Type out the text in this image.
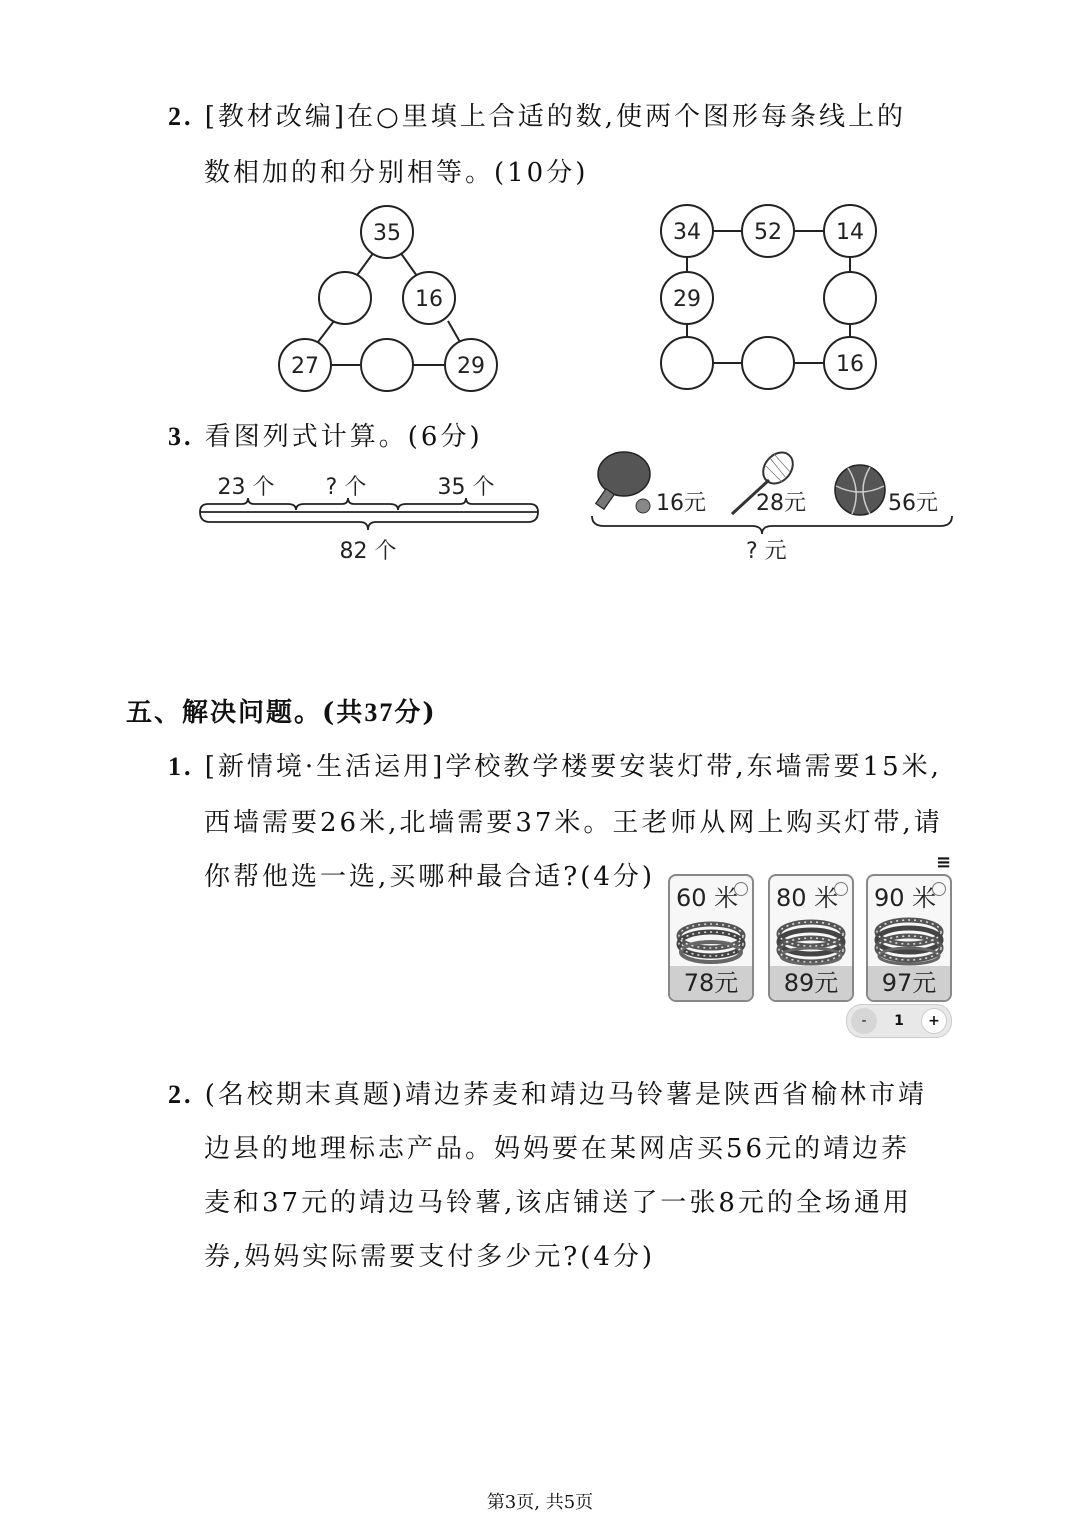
2. [教材改编]在○里填上合适的数,使两个图形每条线上的
数相加的和分别相等。(10分)
35
16
27	29
34 52 14
29
16
3. 看图列式计算。(6分)
23 个 ? 个	35 个
82 个
16元 28元	56元
? 元
五、解决问题。(共37分)
1. [新情境·生活运用]学校教学楼要安装灯带,东墙需要15米,
西墙需要26米,北墙需要37米。王老师从网上购买灯带,请
你帮他选一选,买哪种最合适?(4分)	≡
60 米
78元
80 米
89元
90 米
97元
-	1	+
2. (名校期末真题)靖边荞麦和靖边马铃薯是陕西省榆林市靖
边县的地理标志产品。妈妈要在某网店买56元的靖边荞
麦和37元的靖边马铃薯,该店铺送了一张8元的全场通用
券,妈妈实际需要支付多少元?(4分)
第3页, 共5页
